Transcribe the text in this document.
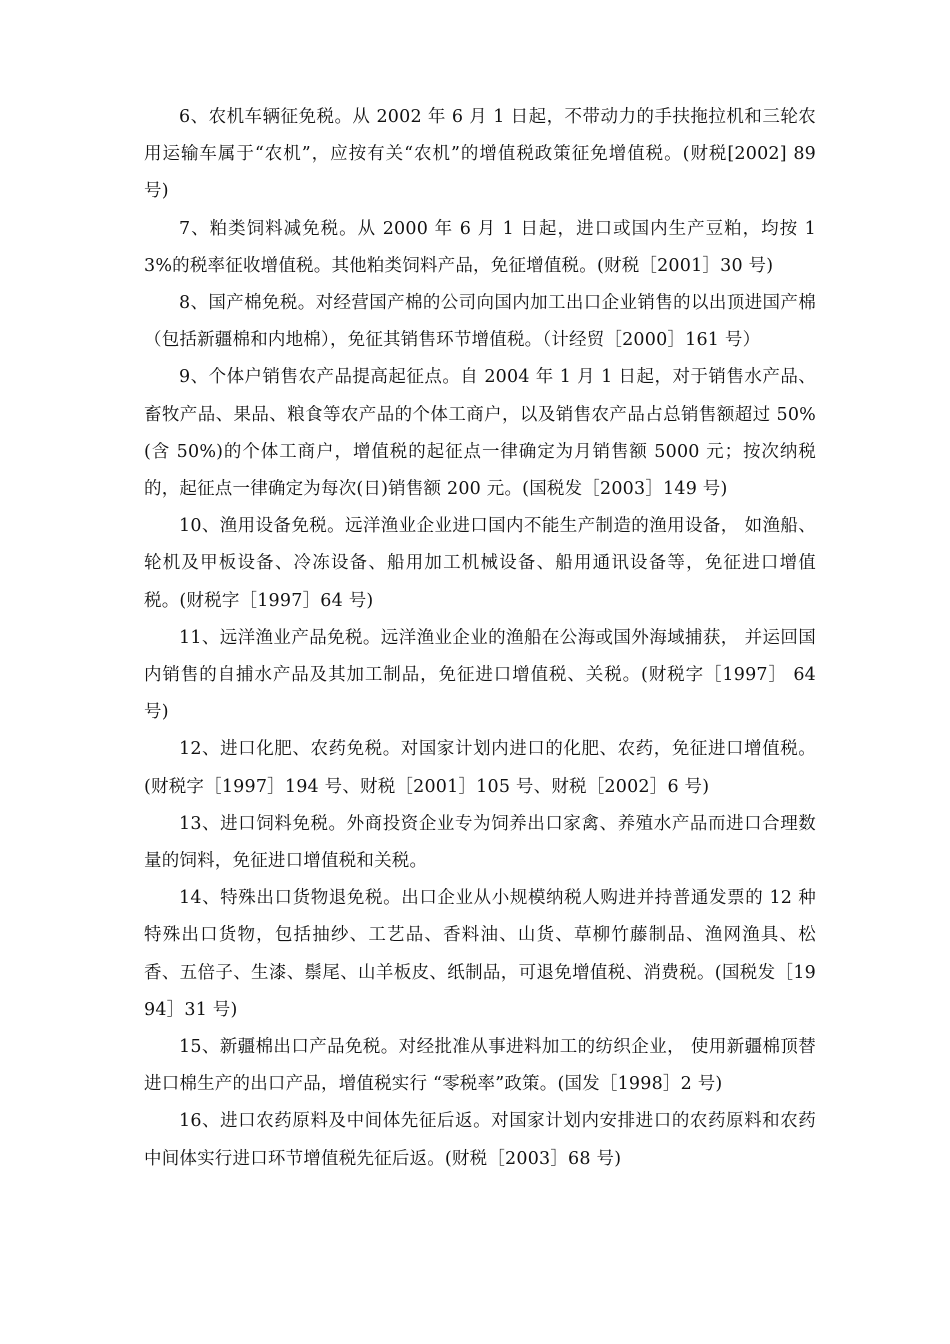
6、农机车辆征免税。从 2002 年 6 月 1 日起，不带动力的手扶拖拉机和三轮农用运输车属于“农机”，应按有关“农机”的增值税政策征免增值税。(财税[2002] 89 号)

7、粕类饲料减免税。从 2000 年 6 月 1 日起，进口或国内生产豆粕，均按 13%的税率征收增值税。其他粕类饲料产品，免征增值税。(财税［2001］30 号)

8、国产棉免税。对经营国产棉的公司向国内加工出口企业销售的以出顶进国产棉（包括新疆棉和内地棉），免征其销售环节增值税。（计经贸［2000］161 号）

9、个体户销售农产品提高起征点。自 2004 年 1 月 1 日起，对于销售水产品、畜牧产品、果品、粮食等农产品的个体工商户，以及销售农产品占总销售额超过 50%(含 50%)的个体工商户，增值税的起征点一律确定为月销售额 5000 元；按次纳税的，起征点一律确定为每次(日)销售额 200 元。(国税发［2003］149 号)

10、渔用设备免税。远洋渔业企业进口国内不能生产制造的渔用设备， 如渔船、轮机及甲板设备、冷冻设备、船用加工机械设备、船用通讯设备等，免征进口增值税。(财税字［1997］64 号)

11、远洋渔业产品免税。远洋渔业企业的渔船在公海或国外海域捕获， 并运回国内销售的自捕水产品及其加工制品，免征进口增值税、关税。(财税字［1997］ 64 号)

12、进口化肥、农药免税。对国家计划内进口的化肥、农药，免征进口增值税。(财税字［1997］194 号、财税［2001］105 号、财税［2002］6 号)

13、进口饲料免税。外商投资企业专为饲养出口家禽、养殖水产品而进口合理数量的饲料，免征进口增值税和关税。

14、特殊出口货物退免税。出口企业从小规模纳税人购进并持普通发票的 12 种特殊出口货物，包括抽纱、工艺品、香料油、山货、草柳竹藤制品、渔网渔具、松香、五倍子、生漆、鬃尾、山羊板皮、纸制品，可退免增值税、消费税。(国税发［1994］31 号)

15、新疆棉出口产品免税。对经批准从事进料加工的纺织企业， 使用新疆棉顶替进口棉生产的出口产品，增值税实行 “零税率”政策。(国发［1998］2 号)

16、进口农药原料及中间体先征后返。对国家计划内安排进口的农药原料和农药中间体实行进口环节增值税先征后返。(财税［2003］68 号)
